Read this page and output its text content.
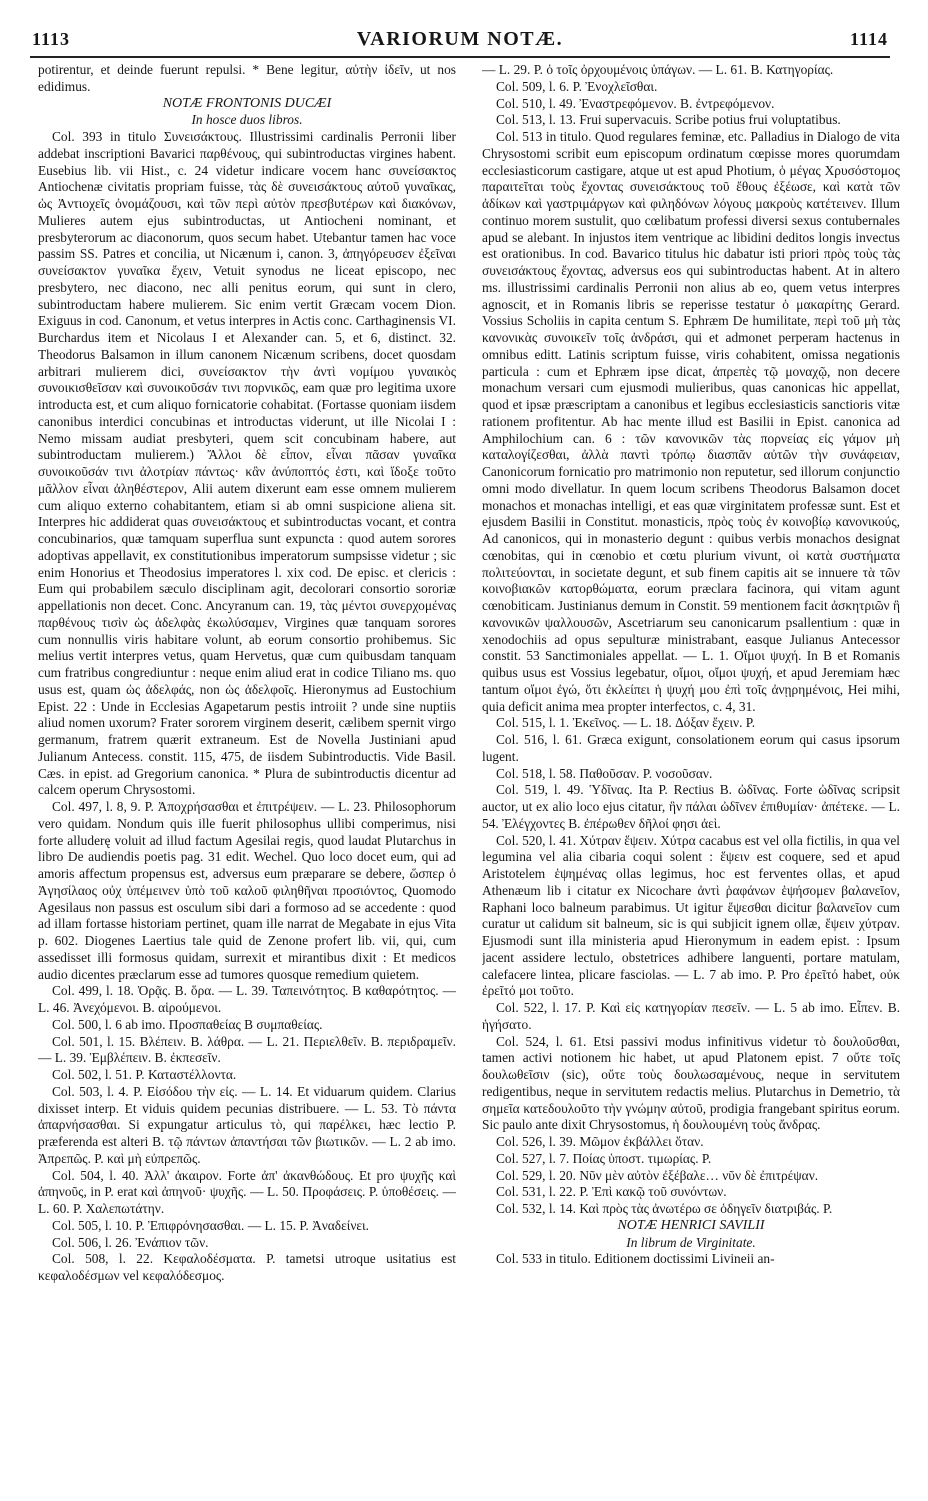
1113	VARIORUM NOTÆ.	1114

potirentur, et deinde fuerunt repulsi. * Bene legitur, αὐτὴν ἰδεῖν, ut nos edidimus.

NOTÆ FRONTONIS DUCÆI

In hosce duos libros.

Col. 393 in titulo Συνεισάκτους. Illustrissimi cardinalis Perronii liber addebat inscriptioni Bavarici παρθένους, qui subintroductas virgines habent. Eusebius lib. vii Hist., c. 24 videtur indicare vocem hanc συνείσακτος Antiochenæ civitatis propriam fuisse, τὰς δὲ συνεισάκτους αὐτοῦ γυναῖκας, ὡς Ἀντιοχεῖς ὀνομάζουσι, καὶ τῶν περὶ αὐτὸν πρεσβυτέρων καὶ διακόνων, Mulieres autem ejus subintroductas, ut Antiocheni nominant, et presbyterorum ac diaconorum, quos secum habet. Utebantur tamen hac voce passim SS. Patres et concilia, ut Nicænum i, canon. 3, ἀπηγόρευσεν ἐξεῖναι συνείσακτον γυναῖκα ἔχειν, Vetuit synodus ne liceat episcopo, nec presbytero, nec diacono, nec alli penitus eorum, qui sunt in clero, subintroductam habere mulierem. Sic enim vertit Græcam vocem Dion. Exiguus in cod. Canonum, et vetus interpres in Actis conc. Carthaginensis VI. Burchardus item et Nicolaus I et Alexander can. 5, et 6, distinct. 32. Theodorus Balsamon in illum canonem Nicænum scribens, docet quosdam arbitrari mulierem dici, συνείσακτον τὴν ἀντὶ νομίμου γυναικὸς συνοικισθεῖσαν καὶ συνοικοῦσάν τινι πορνικῶς, eam quæ pro legitima uxore introducta est, et cum aliquo fornicatorie cohabitat. (Fortasse quoniam iisdem canonibus interdici concubinas et introductas viderunt, ut ille Nicolai I : Nemo missam audiat presbyteri, quem scit concubinam habere, aut subintroductam mulierem.) Ἄλλοι δὲ εἶπον, εἶναι πᾶσαν γυναῖκα συνοικοῦσάν τινι ἀλοτρίαν πάντως· κἂν ἀνύποπτός ἐστι, καὶ ἴδοξε τοῦτο μᾶλλον εἶναι ἀληθέστερον, Alii autem dixerunt eam esse omnem mulierem cum aliquo externo cohabitantem, etiam si ab omni suspicione aliena sit. Interpres hic addiderat quas συνεισάκτους et subintroductas vocant, et contra concubinarios, quæ tamquam superflua sunt expuncta : quod autem sorores adoptivas appellavit, ex constitutionibus imperatorum sumpsisse videtur ; sic enim Honorius et Theodosius imperatores l. xix cod. De episc. et clericis : Eum qui probabilem sæculo disciplinam agit, decolorari consortio sororiæ appellationis non decet. Conc. Ancyranum can. 19, τὰς μέντοι συνερχομένας παρθένους τισὶν ὡς ἀδελφὰς ἐκωλύσαμεν, Virgines quæ tanquam sorores cum nonnullis viris habitare volunt, ab eorum consortio prohibemus. Sic melius vertit interpres vetus, quam Hervetus, quæ cum quibusdam tanquam cum fratribus congrediuntur : neque enim aliud erat in codice Tiliano ms. quo usus est, quam ὡς ἀδελφάς, non ὡς ἀδελφοῖς. Hieronymus ad Eustochium Epist. 22 : Unde in Ecclesias Agapetarum pestis introiit ? unde sine nuptiis aliud nomen uxorum? Frater sororem virginem deserit, cælibem spernit virgo germanum, fratrem quærit extraneum. Est de Novella Justiniani apud Julianum Antecess. constit. 115, 475, de iisdem Subintroductis. Vide Basil. Cæs. in epist. ad Gregorium canonica. * Plura de subintroductis dicentur ad calcem operum Chrysostomi.

Col. 497, l. 8, 9. P. Ἀποχρήσασθαι et ἐπιτρέψειν. — L. 23. Philosophorum vero quidam. Nondum quis ille fuerit philosophus ullibi comperimus, nisi forte alluderę voluit ad illud factum Agesilai regis, quod laudat Plutarchus in libro De audiendis poetis pag. 31 edit. Wechel. Quo loco docet eum, qui ad amoris affectum propensus est, adversus eum præparare se debere, ὥσπερ ὁ Ἀγησίλαος οὐχ ὑπέμεινεν ὑπὸ τοῦ καλοῦ φιληθῆναι προσιόντος, Quomodo Agesilaus non passus est osculum sibi dari a formoso ad se accedente : quod ad illam fortasse historiam pertinet, quam ille narrat de Megabate in ejus Vita p. 602. Diogenes Laertius tale quid de Zenone profert lib. vii, qui, cum assedisset illi formosus quidam, surrexit et mirantibus dixit : Et medicos audio dicentes præclarum esse ad tumores quosque remedium quietem.

Col. 499, l. 18. Ὀρᾷς. B. ὅρα. — L. 39. Ταπεινότητος. B καθαρότητος. — L. 46. Ἀνεχόμενοι. B. αἱρούμενοι.

Col. 500, l. 6 ab imo. Προσπαθείας B συμπαθείας.

Col. 501, l. 15. Βλέπειν. B. λάθρα. — L. 21. Περιελθεῖν. B. περιδραμεῖν. — L. 39. Ἐμβλέπειν. B. ἐκπεσεῖν.

Col. 502, l. 51. P. Καταστέλλοντα.

Col. 503, l. 4. P. Εἰσόδου τὴν εἰς. — L. 14. Et viduarum quidem. Clarius dixisset interp. Et viduis quidem pecunias distribuere. — L. 53. Τὸ πάντα ἀπαρνήσασθαι. Si expungatur articulus τὸ, qui παρέλκει, hæc lectio P. præferenda est alteri B. τῷ πάντων ἀπαντήσαι τῶν βιωτικῶν. — L. 2 ab imo. Ἀπρεπῶς. P. καὶ μὴ εὐπρεπῶς.

Col. 504, l. 40. Ἀλλ' ἀκαιρον. Forte ἀπ' ἀκανθώδους. Et pro ψυχῆς καὶ ἀπηνοῦς, in P. erat καὶ ἀπηνοῦ· ψυχῆς. — L. 50. Προφάσεις. P. ὑποθέσεις. — L. 60. P. Χαλεπωτάτην.

Col. 505, l. 10. P. Ἐπιφρόνησασθαι. — L. 15. P. Ἀναδείνει.

Col. 506, l. 26. Ἐνάπιον τῶν.

Col. 508, l. 22. Κεφαλοδέσματα. P. tametsi utroque usitatius est κεφαλοδέσμων vel κεφαλόδεσμος.

— L. 29. P. ὁ τοῖς ὀρχουμένοις ὑπάγων. — L. 61. B. Κατηγορίας.

Col. 509, l. 6. P. Ἐνοχλεῖσθαι.

Col. 510, l. 49. Ἐναστρεφόμενον. B. ἐντρεφόμενον.

Col. 513, l. 13. Frui supervacuis. Scribe potius frui voluptatibus.

Col. 513 in titulo. Quod regulares feminæ, etc. Palladius in Dialogo de vita Chrysostomi scribit eum episcopum ordinatum cœpisse mores quorumdam ecclesiasticorum castigare, atque ut est apud Photium, ὁ μέγας Χρυσόστομος παραιτεῖται τοὺς ἔχοντας συνεισάκτους τοῦ ἔθους ἐξέωσε, καὶ κατὰ τῶν ἀδίκων καὶ γαστριμάργων καὶ φιληδόνων λόγους μακροὺς κατέτεινεν. Illum continuo morem sustulit, quo cœlibatum professi diversi sexus contubernales apud se alebant. In injustos item ventrique ac libidini deditos longis invectus est orationibus. In cod. Bavarico titulus hic dabatur isti priori πρὸς τοὺς τὰς συνεισάκτους ἔχοντας, adversus eos qui subintroductas habent. At in altero ms. illustrissimi cardinalis Perronii non alius ab eo, quem vetus interpres agnoscit, et in Romanis libris se reperisse testatur ὁ μακαρίτης Gerard. Vossius Scholiis in capita centum S. Ephræm De humilitate, περὶ τοῦ μὴ τὰς κανονικὰς συνοικεῖν τοῖς ἀνδράσι, qui et admonet perperam hactenus in omnibus editt. Latinis scriptum fuisse, viris cohabitent, omissa negationis particula : cum et Ephræm ipse dicat, ἀπρεπὲς τῷ μοναχῷ, non decere monachum versari cum ejusmodi mulieribus, quas canonicas hic appellat, quod et ipsæ præscriptam a canonibus et legibus ecclesiasticis sanctioris vitæ rationem profitentur. Ab hac mente illud est Basilii in Epist. canonica ad Amphilochium can. 6 : τῶν κανονικῶν τὰς πορνείας εἰς γάμον μὴ καταλογίζεσθαι, ἀλλὰ παντὶ τρόπῳ διασπᾶν αὐτῶν τὴν συνάφειαν, Canonicorum fornicatio pro matrimonio non reputetur, sed illorum conjunctio omni modo divellatur. In quem locum scribens Theodorus Balsamon docet monachos et monachas intelligi, et eas quæ virginitatem professæ sunt. Est et ejusdem Basilii in Constitut. monasticis, πρὸς τοὺς ἐν κοινοβίῳ κανονικούς, Ad canonicos, qui in monasterio degunt : quibus verbis monachos designat cœnobitas, qui in cœnobio et cœtu plurium vivunt, οἱ κατὰ συστήματα πολιτεύονται, in societate degunt, et sub finem capitis ait se innuere τὰ τῶν κοινοβιακῶν κατορθώματα, eorum præclara facinora, qui vitam agunt cœnobiticam. Justinianus demum in Constit. 59 mentionem facit ἀσκητριῶν ἢ κανονικῶν ψαλλουσῶν, Ascetriarum seu canonicarum psallentium : quæ in xenodochiis ad opus sepulturæ ministrabant, easque Julianus Antecessor constit. 53 Sanctimoniales appellat. — L. 1. Οἴμοι ψυχή. In B et Romanis quibus usus est Vossius legebatur, οἴμοι, οἴμοι ψυχή, et apud Jeremiam hæc tantum οἴμοι ἐγώ, ὅτι ἐκλείπει ἡ ψυχή μου ἐπὶ τοῖς ἀνῃρημένοις, Hei mihi, quia deficit anima mea propter interfectos, c. 4, 31.

Col. 515, l. 1. Ἐκεῖνος. — L. 18. Δόξαν ἔχειν. P.

Col. 516, l. 61. Græca exigunt, consolationem eorum qui casus ipsorum lugent.

Col. 518, l. 58. Παθοῦσαν. P. νοσοῦσαν.

Col. 519, l. 49. Ὑδῖνας. Ita P. Rectius B. ὠδῖνας. Forte ὠδῖνας scripsit auctor, ut ex alio loco ejus citatur, ἣν πάλαι ὠδῖνεν ἐπιθυμίαν· ἀπέτεκε. — L. 54. Ἐλέγχοντες B. ἐπέρωθεν δῆλοί φησι ἀεὶ.

Col. 520, l. 41. Χύτραν ἕψειν. Χύτρα cacabus est vel olla fictilis, in qua vel legumina vel alia cibaria coqui solent : ἕψειν est coquere, sed et apud Aristotelem ἑψημένας ollas legimus, hoc est ferventes ollas, et apud Athenæum lib i citatur ex Nicochare ἀντὶ ῥαφάνων ἑψήσομεν βαλανεῖον, Raphani loco balneum parabimus. Ut igitur ἕψεσθαι dicitur βαλανεῖον cum curatur ut calidum sit balneum, sic is qui subjicit ignem ollæ, ἕψειν χύτραν. Ejusmodi sunt illa ministeria apud Hieronymum in eadem epist. : Ipsum jacent assidere lectulo, obstetrices adhibere languenti, portare matulam, calefacere lintea, plicare fasciolas. — L. 7 ab imo. P. Pro ἐρεῖτό habet, οὐκ ἐρεῖτό μοι τοῦτο.

Col. 522, l. 17. P. Καὶ εἰς κατηγορίαν πεσεῖν. — L. 5 ab imo. Εἶπεν. B. ἡγήσατο.

Col. 524, l. 61. Etsi passivi modus infinitivus videtur τὸ δουλοῦσθαι, tamen activi notionem hic habet, ut apud Platonem epist. 7 οὔτε τοῖς δουλωθεῖσιν (sic), οὔτε τοὺς δουλωσαμένους, neque in servitutem redigentibus, neque in servitutem redactis melius. Plutarchus in Demetrio, τὰ σημεῖα κατεδουλοῦτο τὴν γνώμην αὐτοῦ, prodigia frangebant spiritus eorum. Sic paulo ante dixit Chrysostomus, ἡ δουλουμένη τοὺς ἄνδρας.

Col. 526, l. 39. Μῶμον ἐκβάλλει ὅταν.

Col. 527, l. 7. Ποίας ὑποστ. τιμωρίας. P.

Col. 529, l. 20. Νῦν μὲν αὐτὸν ἐξέβαλε… νῦν δὲ ἐπιτρέψαν.

Col. 531, l. 22. P. Ἐπὶ κακῷ τοῦ συνόντων.

Col. 532, l. 14. Καὶ πρὸς τὰς ἀνωτέρω σε ὁδηγεῖν διατριβάς. P.

NOTÆ HENRICI SAVILII

In librum de Virginitate.

Col. 533 in titulo. Editionem doctissimi Livineii an-
